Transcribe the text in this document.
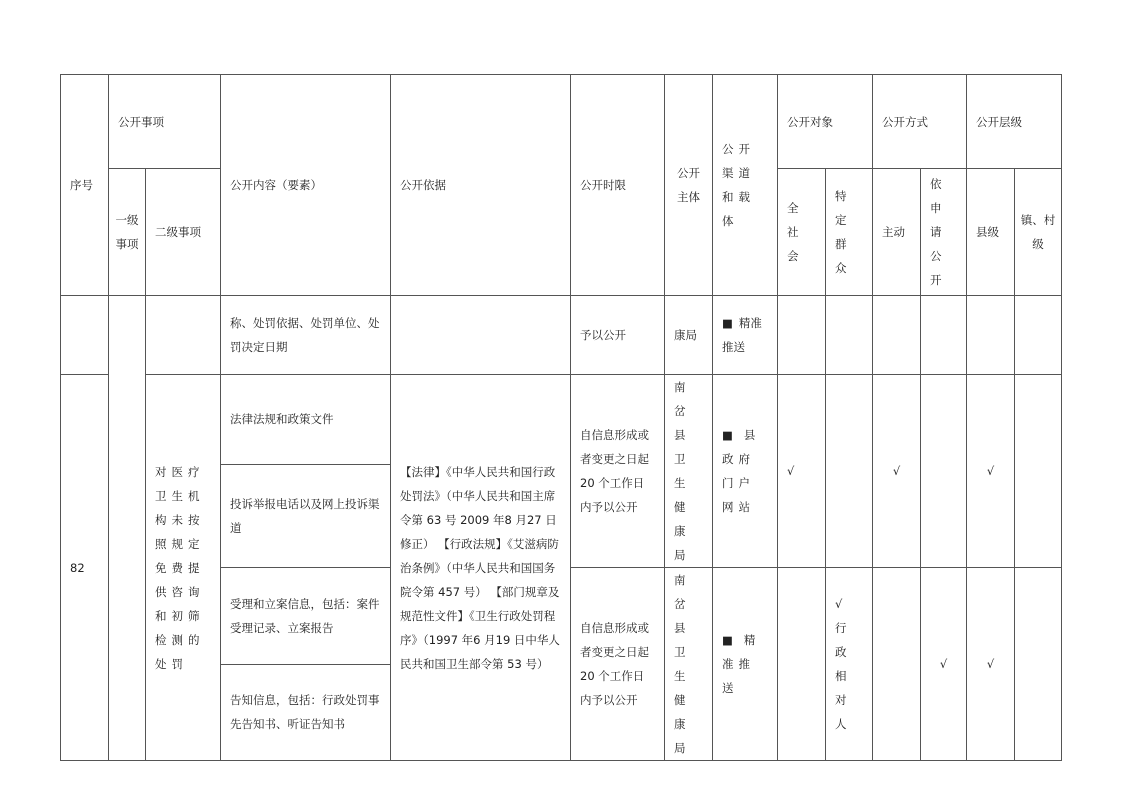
序号	公开事项		公开内容（要素）	公开依据	公开时限	公开主体	公开渠道和载体	公开对象		公开方式		公开层级	
	一级事项	二级事项						全社会	特定群众	主动	依申请公开	县级	镇、村级
			称、处罚依据、处罚单位、处罚决定日期		予以公开	康局	■ 精准推送						
82		对医疗卫生机构未按照规定免费提供咨询和初筛检测的处罚	法律法规和政策文件	【法律】《中华人民共和国行政处罚法》（中华人民共和国主席令第 63 号 2009 年8 月27 日修正） 【行政法规】《艾滋病防治条例》（中华人民共和国国务院令第 457 号） 【部门规章及规范性文件】《卫生行政处罚程序》（1997 年6 月19 日中华人民共和国卫生部令第 53 号）	自信息形成或者变更之日起20 个工作日内予以公开	南岔县卫生健康局	■ 县政府门户网站	√		√		√	
			投诉举报电话以及网上投诉渠道										
			受理和立案信息，包括：案件受理记录、立案报告		自信息形成或者变更之日起20 个工作日内予以公开	南岔县卫生健康局	■ 精准推送		√行政相对人		√	√	
			告知信息，包括：行政处罚事先告知书、听证告知书										
